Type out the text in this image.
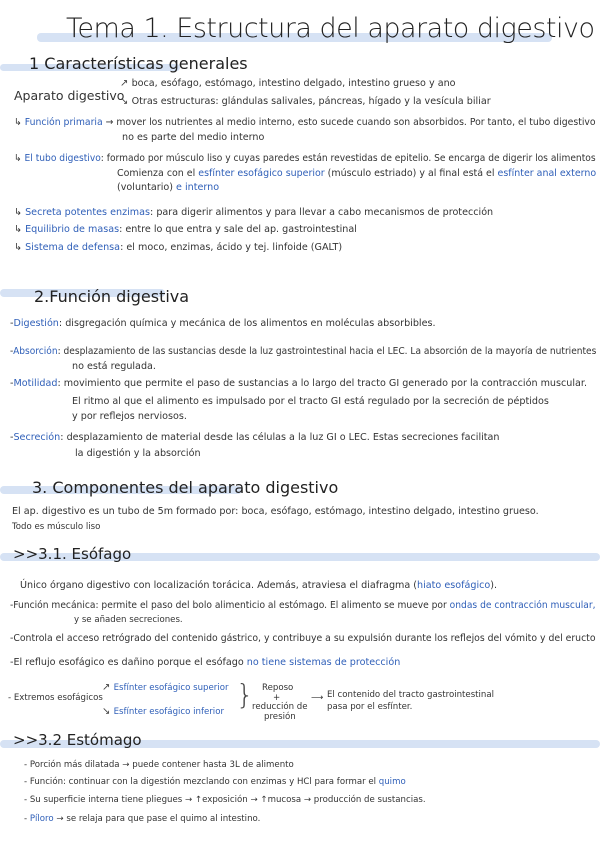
Tema 1. Estructura del aparato digestivo
1 Características generales
Aparato digestivo
↗ boca, esófago, estómago, intestino delgado, intestino grueso y ano
↘ Otras estructuras: glándulas salivales, páncreas, hígado y la vesícula biliar
↳ Función primaria → mover los nutrientes al medio interno, esto sucede cuando son absorbidos. Por tanto, el tubo digestivo
no es parte del medio interno
↳ El tubo digestivo: formado por músculo liso y cuyas paredes están revestidas de epitelio. Se encarga de digerir los alimentos
Comienza con el esfínter esofágico superior (músculo estriado) y al final está el esfínter anal externo
(voluntario) e interno
↳ Secreta potentes enzimas: para digerir alimentos y para llevar a cabo mecanismos de protección
↳ Equilibrio de masas: entre lo que entra y sale del ap. gastrointestinal
↳ Sistema de defensa: el moco, enzimas, ácido y tej. linfoide (GALT)
2.Función digestiva
-Digestión: disgregación química y mecánica de los alimentos en moléculas absorbibles.
-Absorción: desplazamiento de las sustancias desde la luz gastrointestinal hacia el LEC. La absorción de la mayoría de nutrientes
no está regulada.
-Motilidad: movimiento que permite el paso de sustancias a lo largo del tracto GI generado por la contracción muscular.
El ritmo al que el alimento es impulsado por el tracto GI está regulado por la secreción de péptidos
y por reflejos nerviosos.
-Secreción: desplazamiento de material desde las células a la luz GI o LEC. Estas secreciones facilitan
la digestión y la absorción
3. Componentes del aparato digestivo
El ap. digestivo es un tubo de 5m formado por: boca, esófago, estómago, intestino delgado, intestino grueso.
Todo es músculo liso
>>3.1. Esófago
Único órgano digestivo con localización torácica. Además, atraviesa el diafragma (hiato esofágico).
-Función mecánica: permite el paso del bolo alimenticio al estómago. El alimento se mueve por ondas de contracción muscular,
y se añaden secreciones.
-Controla el acceso retrógrado del contenido gástrico, y contribuye a su expulsión durante los reflejos del vómito y del eructo
-El reflujo esofágico es dañino porque el esófago no tiene sistemas de protección
- Extremos esofágicos
↗ Esfínter esofágico superior
↘ Esfínter esofágico inferior
} Reposo
+
reducción de
presión
⟶ El contenido del tracto gastrointestinal
pasa por el esfínter.
>>3.2 Estómago
- Porción más dilatada → puede contener hasta 3L de alimento
- Función: continuar con la digestión mezclando con enzimas y HCl para formar el quimo
- Su superficie interna tiene pliegues → ↑exposición → ↑mucosa → producción de sustancias.
- Píloro → se relaja para que pase el quimo al intestino.
